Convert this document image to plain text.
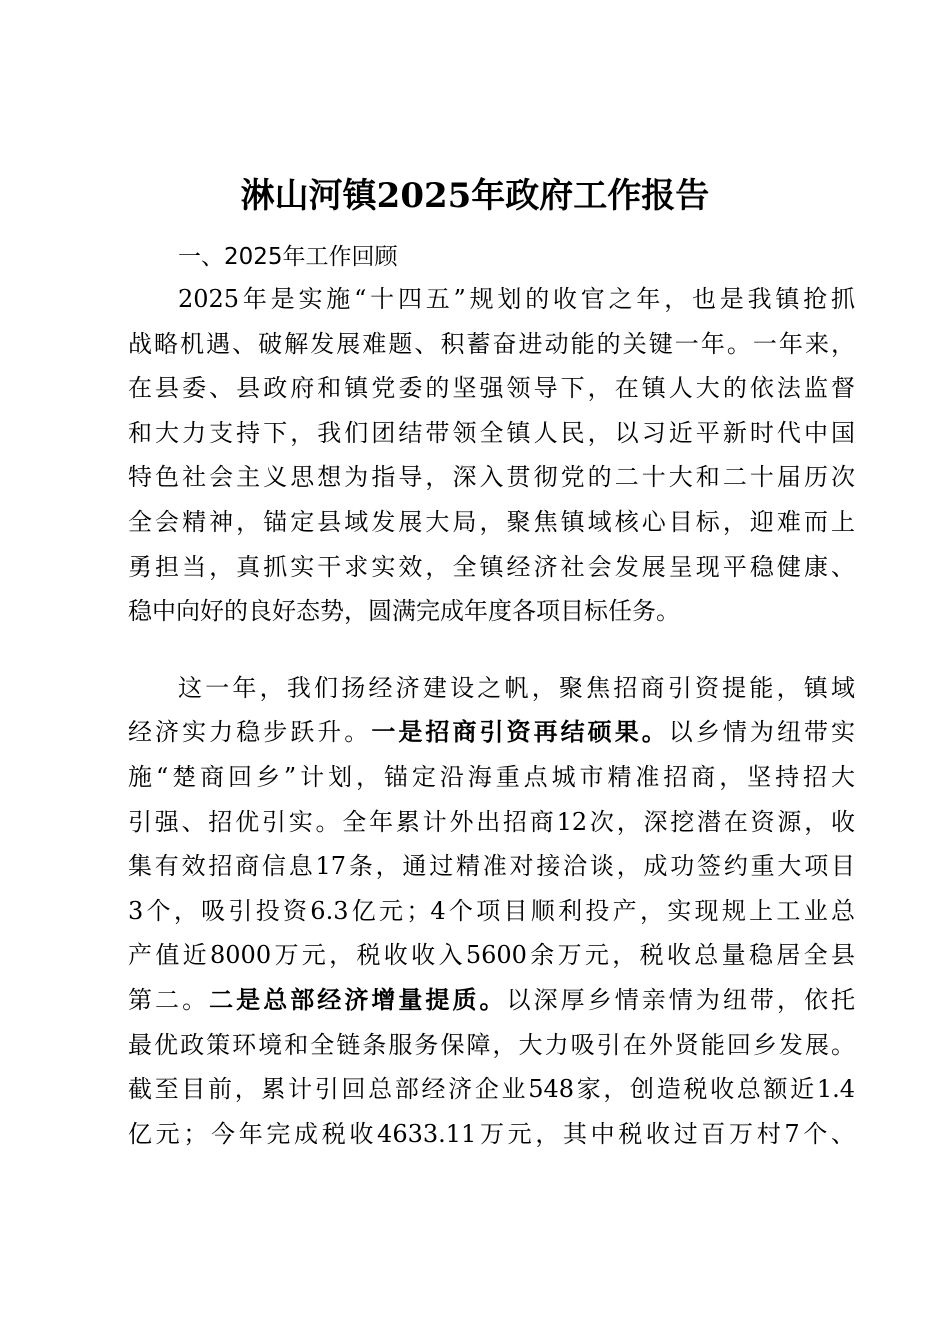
淋山河镇2025年政府工作报告
一、2025年工作回顾
2025年是实施“十四五”规划的收官之年，也是我镇抢抓
战略机遇、破解发展难题、积蓄奋进动能的关键一年。一年来，
在县委、县政府和镇党委的坚强领导下，在镇人大的依法监督
和大力支持下，我们团结带领全镇人民，以习近平新时代中国
特色社会主义思想为指导，深入贯彻党的二十大和二十届历次
全会精神，锚定县域发展大局，聚焦镇域核心目标，迎难而上
勇担当，真抓实干求实效，全镇经济社会发展呈现平稳健康、
稳中向好的良好态势，圆满完成年度各项目标任务。
这一年，我们扬经济建设之帆，聚焦招商引资提能，镇域
经济实力稳步跃升。一是招商引资再结硕果。以乡情为纽带实
施“楚商回乡”计划，锚定沿海重点城市精准招商，坚持招大
引强、招优引实。全年累计外出招商12次，深挖潜在资源，收
集有效招商信息17条，通过精准对接洽谈，成功签约重大项目
3个，吸引投资6.3亿元；4个项目顺利投产，实现规上工业总
产值近8000万元，税收收入5600余万元，税收总量稳居全县
第二。二是总部经济增量提质。以深厚乡情亲情为纽带，依托
最优政策环境和全链条服务保障，大力吸引在外贤能回乡发展。
截至目前，累计引回总部经济企业548家，创造税收总额近1.4
亿元；今年完成税收4633.11万元，其中税收过百万村7个、
